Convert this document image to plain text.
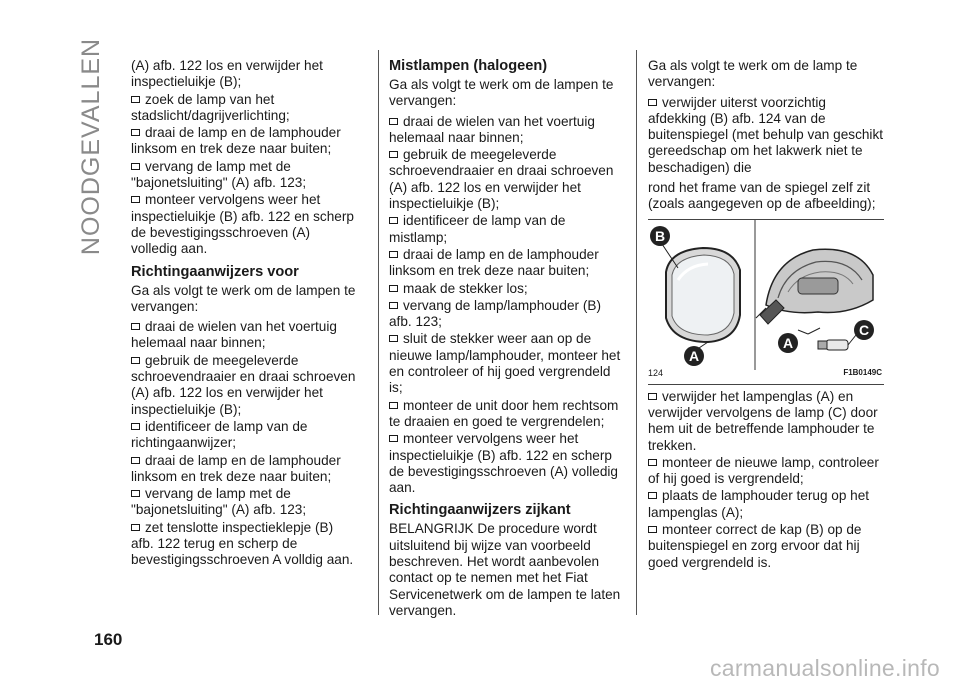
NOODGEVALLEN (A) afb. 122 los en verwijder het inspectieluikje (B);

zoek de lamp van het stadslicht/dagrijverlichting;
draai de lamp en de lamphouder linksom en trek deze naar buiten;
vervang de lamp met de "bajonetsluiting" (A) afb. 123;
monteer vervolgens weer het inspectieluikje (B) afb. 122 en scherp de bevestigingsschroeven (A) volledig aan.
Richtingaanwijzers voor

Ga als volgt te werk om de lampen te vervangen:

draai de wielen van het voertuig helemaal naar binnen;
gebruik de meegeleverde schroevendraaier en draai schroeven (A) afb. 122 los en verwijder het inspectieluikje (B);
identificeer de lamp van de richtingaanwijzer;
draai de lamp en de lamphouder linksom en trek deze naar buiten;
vervang de lamp met de "bajonetsluiting" (A) afb. 123;
zet tenslotte inspectieklepje (B) afb. 122 terug en scherp de bevestigingsschroeven A volldig aan.
Mistlampen (halogeen)

Ga als volgt te werk om de lampen te vervangen:

draai de wielen van het voertuig helemaal naar binnen;
gebruik de meegeleverde schroevendraaier en draai schroeven (A) afb. 122 los en verwijder het inspectieluikje (B);
identificeer de lamp van de mistlamp;
draai de lamp en de lamphouder linksom en trek deze naar buiten;
maak de stekker los;
vervang de lamp/lamphouder (B) afb. 123;
sluit de stekker weer aan op de nieuwe lamp/lamphouder, monteer het en controleer of hij goed vergrendeld is;
monteer de unit door hem rechtsom te draaien en goed te vergrendelen;
monteer vervolgens weer het inspectieluikje (B) afb. 122 en scherp de bevestigingsschroeven (A) volledig aan.
Richtingaanwijzers zijkant

BELANGRIJK De procedure wordt uitsluitend bij wijze van voorbeeld beschreven. Het wordt aanbevolen contact op te nemen met het Fiat Servicenetwerk om de lampen te laten vervangen.

Ga als volgt te werk om de lamp te vervangen:

verwijder uiterst voorzichtig afdekking (B) afb. 124 van de buitenspiegel (met behulp van geschikt gereedschap om het lakwerk niet te beschadigen) die

rond het frame van de spiegel zelf zit (zoals aangegeven op de afbeelding);

B
A
A
C
124	F1B0149C
verwijder het lampenglas (A) en verwijder vervolgens de lamp (C) door hem uit de betreffende lamphouder te trekken.
monteer de nieuwe lamp, controleer of hij goed is vergrendeld;
plaats de lamphouder terug op het lampenglas (A);
monteer correct de kap (B) op de buitenspiegel en zorg ervoor dat hij goed vergrendeld is.
160
carmanualsonline.info
